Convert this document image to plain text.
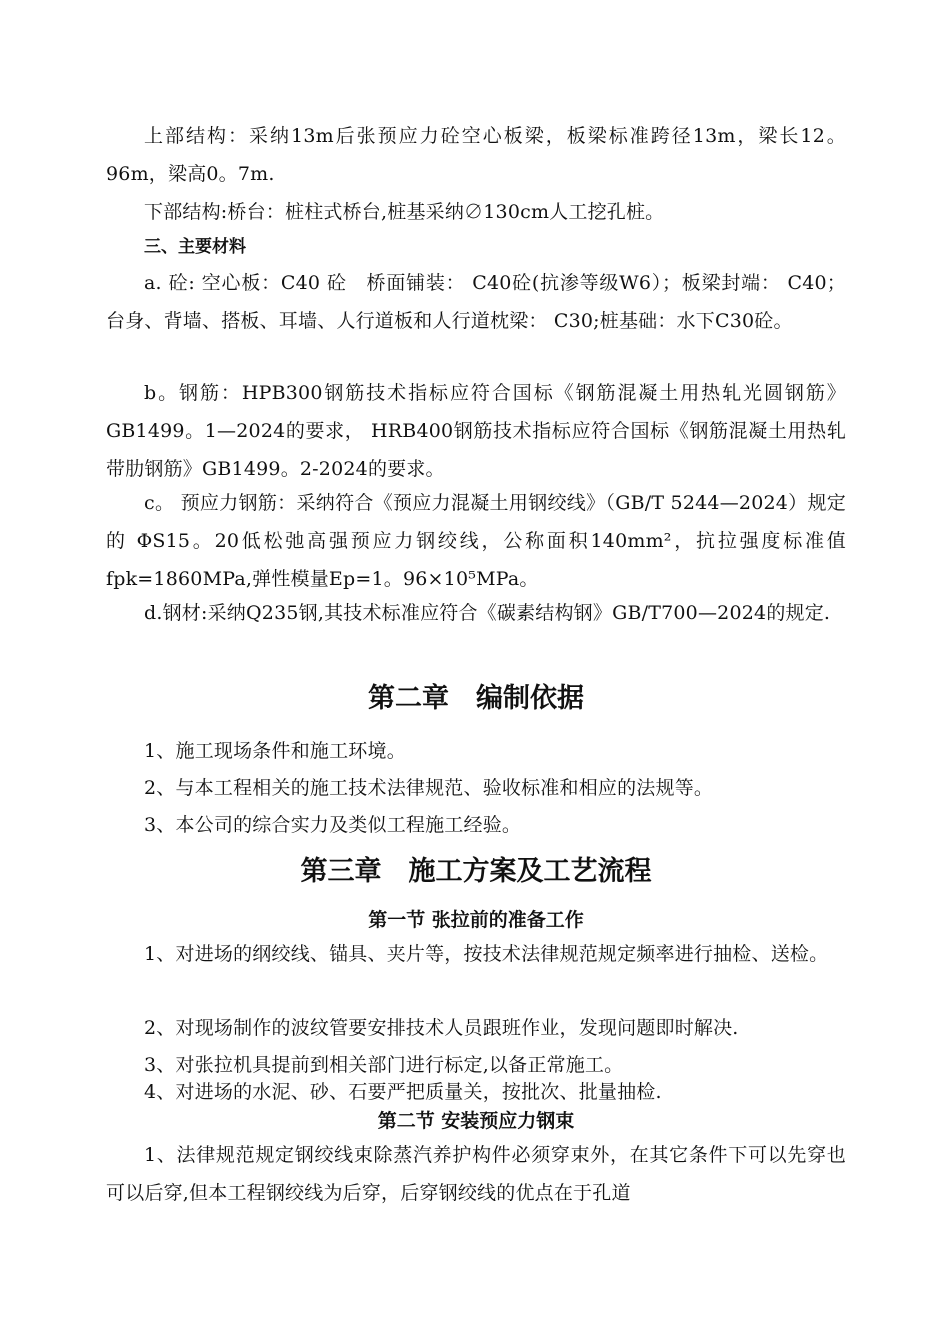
上部结构：采纳13m后张预应力砼空心板梁，板梁标准跨径13m，梁长12。96m，梁高0。7m.

下部结构:桥台：桩柱式桥台,桩基采纳∅130cm人工挖孔桩。

三、主要材料

a. 砼: 空心板：C40 砼　桥面铺装： C40砼(抗渗等级W6）；板梁封端： C40； 台身、背墙、搭板、耳墙、人行道板和人行道枕梁： C30;桩基础：水下C30砼。

b。钢筋：HPB300钢筋技术指标应符合国标《钢筋混凝土用热轧光圆钢筋》GB1499。1—2024的要求， HRB400钢筋技术指标应符合国标《钢筋混凝土用热轧带肋钢筋》GB1499。2-2024的要求。

c。 预应力钢筋：采纳符合《预应力混凝土用钢绞线》（GB/T 5244—2024）规定的 ΦS15。20低松弛高强预应力钢绞线，公称面积140mm²，抗拉强度标准值fpk=1860MPa,弹性模量Ep=1。96×10⁵MPa。

d.钢材:采纳Q235钢,其技术标准应符合《碳素结构钢》GB/T700—2024的规定.

第二章　编制依据

1、施工现场条件和施工环境。

2、与本工程相关的施工技术法律规范、验收标准和相应的法规等。

3、本公司的综合实力及类似工程施工经验。

第三章　施工方案及工艺流程
第一节 张拉前的准备工作

1、对进场的纲绞线、锚具、夹片等，按技术法律规范规定频率进行抽检、送检。

2、对现场制作的波纹管要安排技术人员跟班作业，发现问题即时解决.

3、对张拉机具提前到相关部门进行标定,以备正常施工。

4、对进场的水泥、砂、石要严把质量关，按批次、批量抽检.

第二节 安装预应力钢束

1、法律规范规定钢绞线束除蒸汽养护构件必须穿束外，在其它条件下可以先穿也可以后穿,但本工程钢绞线为后穿，后穿钢绞线的优点在于孔道
